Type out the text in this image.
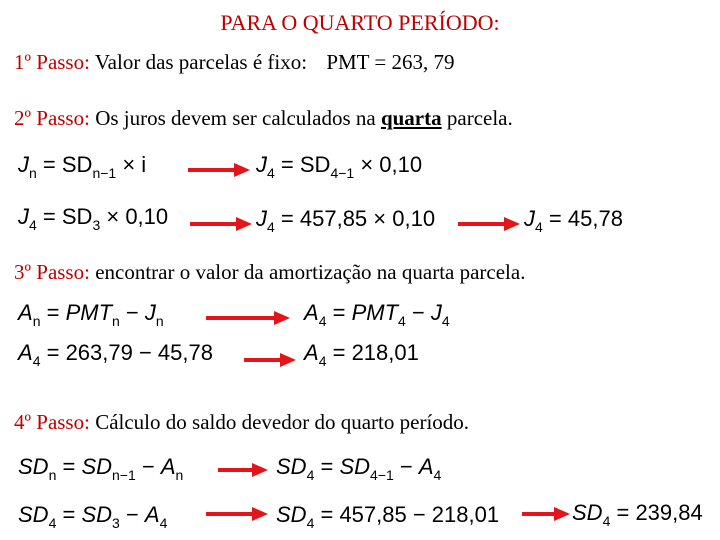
PARA O QUARTO PERÍODO:
1º Passo: Valor das parcelas é fixo: PMT = 263, 79
2º Passo: Os juros devem ser calculados na quarta parcela.
$J_n = SD_{n-1} \times i$	$J_4 = SD_{4-1} \times 0,10$
$J_4 = SD_3 \times 0,10$	$J_4 = 457,85 \times 0,10$	$J_4 = 45,78$
3º Passo: encontrar o valor da amortização na quarta parcela.
$A_n = PMT_n - J_n$	$A_4 = PMT_4 - J_4$
$A_4 = 263,79 - 45,78$	$A_4 = 218,01$
4º Passo: Cálculo do saldo devedor do quarto período.
$SD_n = SD_{n-1} - A_n$	$SD_4 = SD_{4-1} - A_4$
$SD_4 = SD_3 - A_4$	$SD_4 = 457,85 - 218,01$	$SD_4 = 239,84$
